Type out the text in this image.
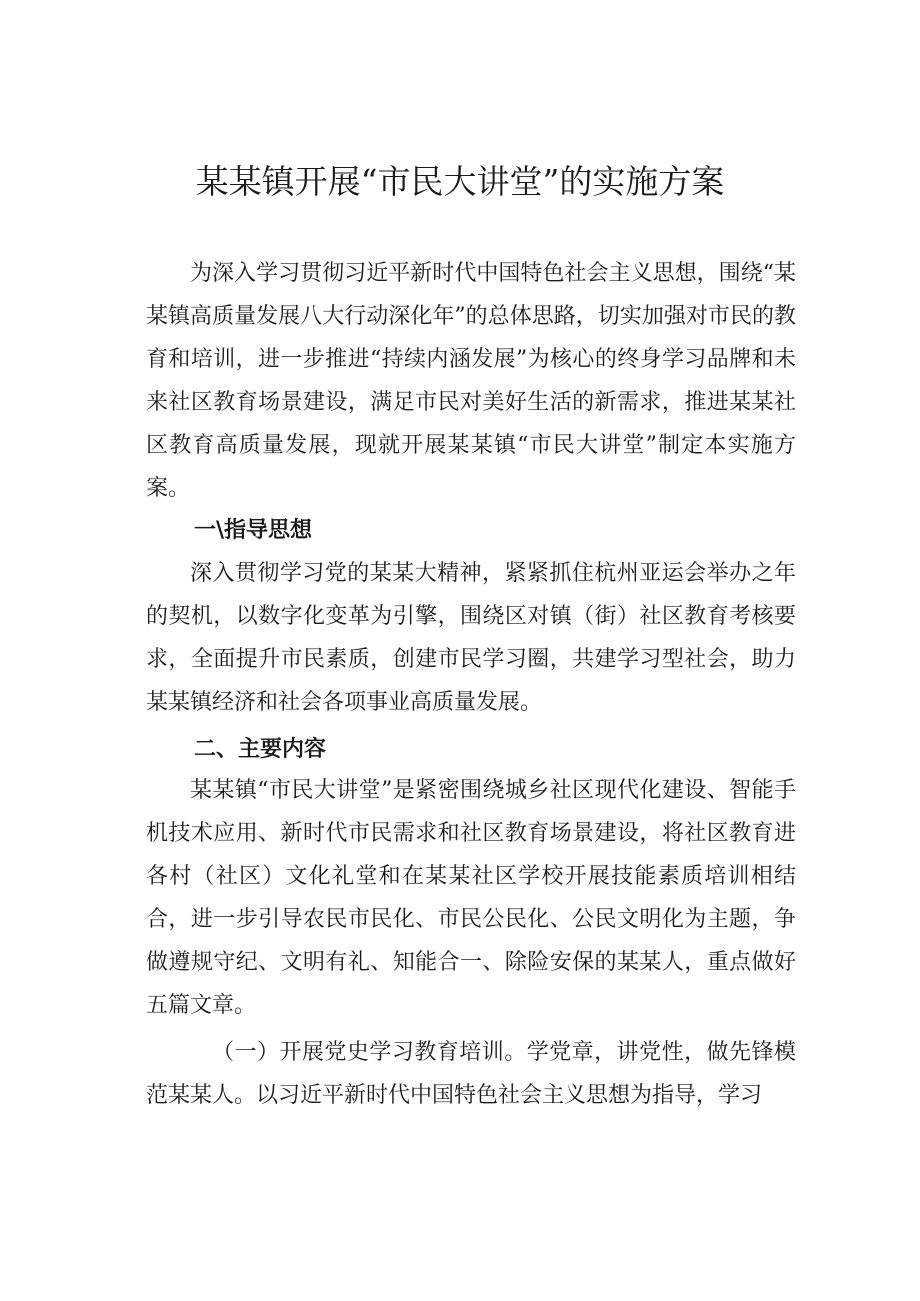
某某镇开展“市民大讲堂”的实施方案

为深入学习贯彻习近平新时代中国特色社会主义思想，围绕“某某镇高质量发展八大行动深化年”的总体思路，切实加强对市民的教育和培训，进一步推进“持续内涵发展”为核心的终身学习品牌和未来社区教育场景建设，满足市民对美好生活的新需求，推进某某社区教育高质量发展，现就开展某某镇“市民大讲堂”制定本实施方案。

一\指导思想

深入贯彻学习党的某某大精神，紧紧抓住杭州亚运会举办之年的契机，以数字化变革为引擎，围绕区对镇（街）社区教育考核要求，全面提升市民素质，创建市民学习圈，共建学习型社会，助力某某镇经济和社会各项事业高质量发展。

二、主要内容

某某镇“市民大讲堂”是紧密围绕城乡社区现代化建设、智能手机技术应用、新时代市民需求和社区教育场景建设，将社区教育进各村（社区）文化礼堂和在某某社区学校开展技能素质培训相结合，进一步引导农民市民化、市民公民化、公民文明化为主题，争做遵规守纪、文明有礼、知能合一、除险安保的某某人，重点做好五篇文章。

（一）开展党史学习教育培训。学党章，讲党性，做先锋模范某某人。以习近平新时代中国特色社会主义思想为指导，学习
